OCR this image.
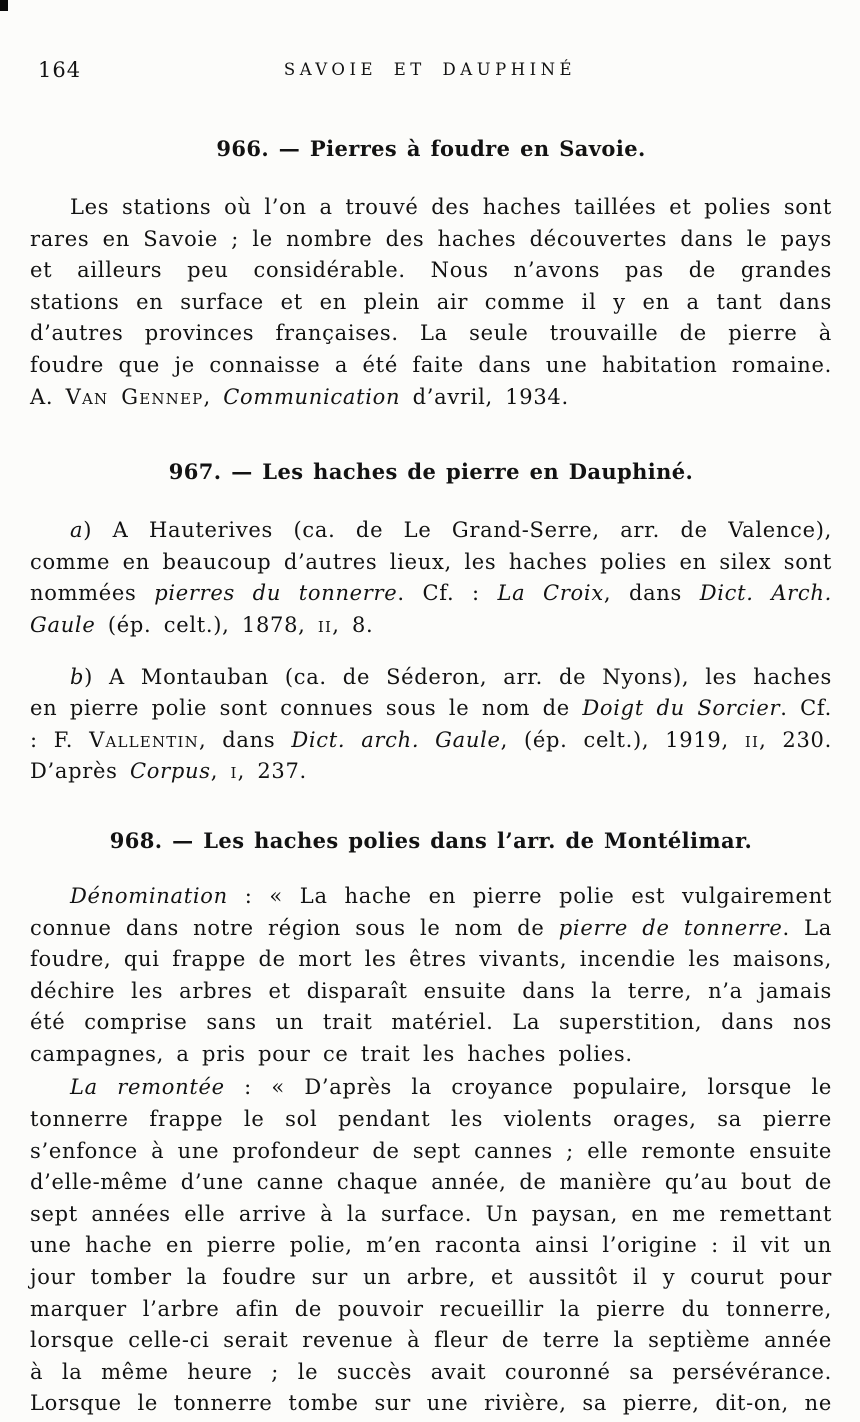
164	SAVOIE ET DAUPHINÉ
966. — Pierres à foudre en Savoie.

Les stations où l’on a trouvé des haches taillées et polies sont rares en Savoie ; le nombre des haches découvertes dans le pays et ailleurs peu considérable. Nous n’avons pas de grandes stations en surface et en plein air comme il y en a tant dans d’autres provinces françaises. La seule trouvaille de pierre à foudre que je connaisse a été faite dans une habitation romaine. A. Van Gennep, Communication d’avril, 1934.

967. — Les haches de pierre en Dauphiné.

a) A Hauterives (ca. de Le Grand-Serre, arr. de Valence), comme en beaucoup d’autres lieux, les haches polies en silex sont nommées pierres du tonnerre. Cf. : La Croix, dans Dict. Arch. Gaule (ép. celt.), 1878, ii, 8.

b) A Montauban (ca. de Séderon, arr. de Nyons), les haches en pierre polie sont connues sous le nom de Doigt du Sorcier. Cf. : F. Vallentin, dans Dict. arch. Gaule, (ép. celt.), 1919, ii, 230. D’après Corpus, i, 237.

968. — Les haches polies dans l’arr. de Montélimar.

Dénomination : « La hache en pierre polie est vulgairement connue dans notre région sous le nom de pierre de tonnerre. La foudre, qui frappe de mort les êtres vivants, incendie les maisons, déchire les arbres et disparaît ensuite dans la terre, n’a jamais été comprise sans un trait matériel. La superstition, dans nos campagnes, a pris pour ce trait les haches polies.

La remontée : « D’après la croyance populaire, lorsque le tonnerre frappe le sol pendant les violents orages, sa pierre s’enfonce à une profondeur de sept cannes ; elle remonte ensuite d’elle-même d’une canne chaque année, de manière qu’au bout de sept années elle arrive à la surface. Un paysan, en me remettant une hache en pierre polie, m’en raconta ainsi l’origine : il vit un jour tomber la foudre sur un arbre, et aussitôt il y courut pour marquer l’arbre afin de pouvoir recueillir la pierre du tonnerre, lorsque celle-ci serait revenue à fleur de terre la septième année à la même heure ; le succès avait couronné sa persévérance. Lorsque le tonnerre tombe sur une rivière, sa pierre, dit-on, ne
